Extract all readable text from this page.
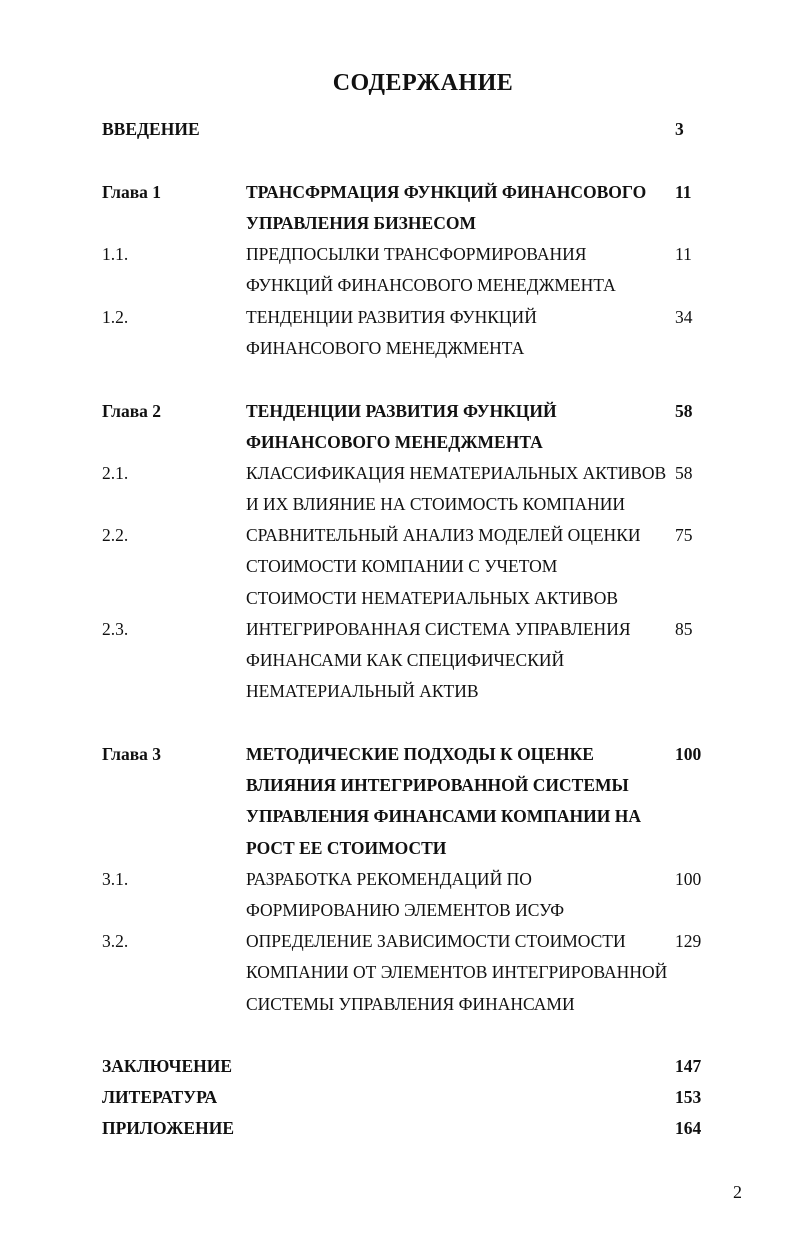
СОДЕРЖАНИЕ
ВВЕДЕНИЕ	3
Глава 1	ТРАНСФРМАЦИЯ ФУНКЦИЙ ФИНАНСОВОГО 11
УПРАВЛЕНИЯ БИЗНЕСОМ
1.1.	ПРЕДПОСЫЛКИ ТРАНСФОРМИРОВАНИЯ	11
ФУНКЦИЙ ФИНАНСОВОГО МЕНЕДЖМЕНТА
1.2.	ТЕНДЕНЦИИ РАЗВИТИЯ ФУНКЦИЙ	34
ФИНАНСОВОГО МЕНЕДЖМЕНТА
Глава 2	ТЕНДЕНЦИИ РАЗВИТИЯ ФУНКЦИЙ	58
ФИНАНСОВОГО МЕНЕДЖМЕНТА
2.1.	КЛАССИФИКАЦИЯ НЕМАТЕРИАЛЬНЫХ АКТИВОВ 58
И ИХ ВЛИЯНИЕ НА СТОИМОСТЬ КОМПАНИИ
2.2.	СРАВНИТЕЛЬНЫЙ АНАЛИЗ МОДЕЛЕЙ ОЦЕНКИ 75
СТОИМОСТИ КОМПАНИИ С УЧЕТОМ
СТОИМОСТИ НЕМАТЕРИАЛЬНЫХ АКТИВОВ
2.3.	ИНТЕГРИРОВАННАЯ СИСТЕМА УПРАВЛЕНИЯ	85
ФИНАНСАМИ КАК СПЕЦИФИЧЕСКИЙ
НЕМАТЕРИАЛЬНЫЙ АКТИВ
Глава 3	МЕТОДИЧЕСКИЕ ПОДХОДЫ К ОЦЕНКЕ	100
ВЛИЯНИЯ ИНТЕГРИРОВАННОЙ СИСТЕМЫ
УПРАВЛЕНИЯ ФИНАНСАМИ КОМПАНИИ НА
РОСТ ЕЕ СТОИМОСТИ
3.1.	РАЗРАБОТКА РЕКОМЕНДАЦИЙ ПО	100
ФОРМИРОВАНИЮ ЭЛЕМЕНТОВ ИСУФ
3.2.	ОПРЕДЕЛЕНИЕ ЗАВИСИМОСТИ СТОИМОСТИ	129
КОМПАНИИ ОТ ЭЛЕМЕНТОВ ИНТЕГРИРОВАННОЙ
СИСТЕМЫ УПРАВЛЕНИЯ ФИНАНСАМИ
ЗАКЛЮЧЕНИЕ	147
ЛИТЕРАТУРА	153
ПРИЛОЖЕНИЕ	164
2
